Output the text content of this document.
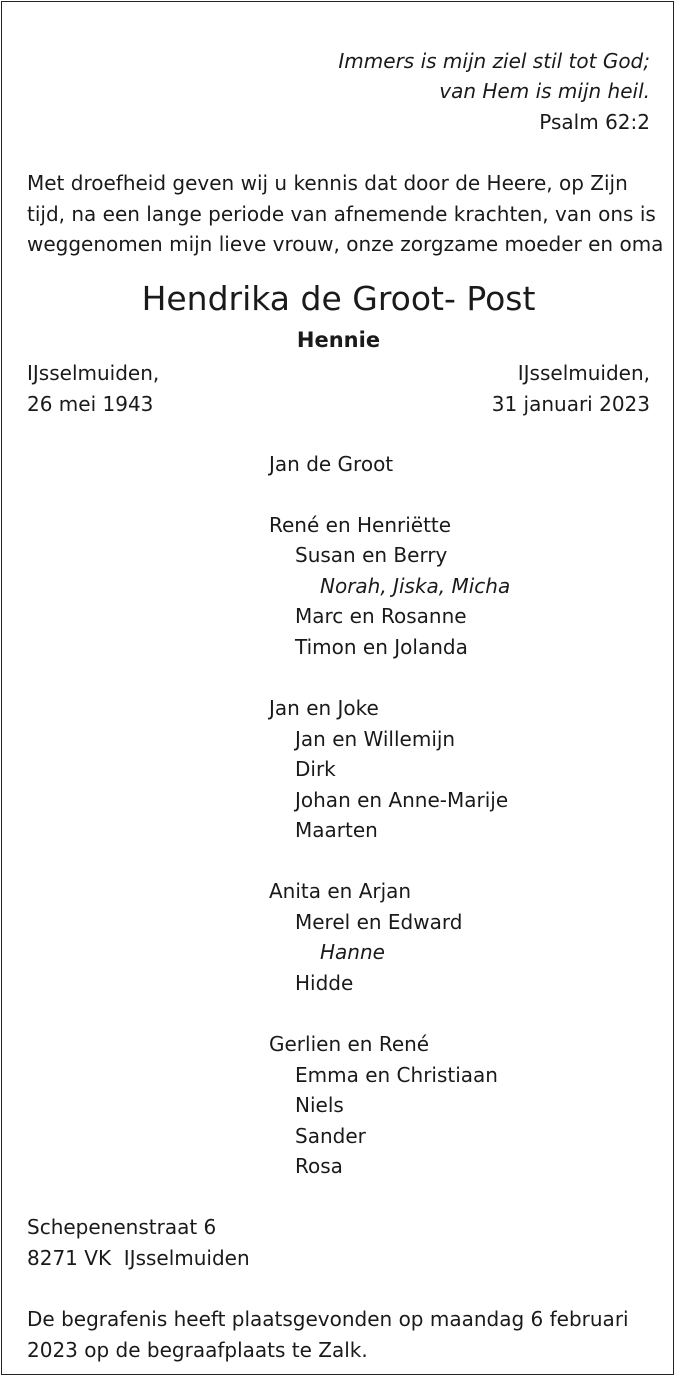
Immers is mijn ziel stil tot God;
van Hem is mijn heil.
Psalm 62:2
Met droefheid geven wij u kennis dat door de Heere, op Zijn
tijd, na een lange periode van afnemende krachten, van ons is
weggenomen mijn lieve vrouw, onze zorgzame moeder en oma
Hendrika de Groot- Post
Hennie
IJsselmuiden,
26 mei 1943
IJsselmuiden,
31 januari 2023
Jan de Groot
René en Henriëtte
Susan en Berry
Norah, Jiska, Micha
Marc en Rosanne
Timon en Jolanda
Jan en Joke
Jan en Willemijn
Dirk
Johan en Anne-Marije
Maarten
Anita en Arjan
Merel en Edward
Hanne
Hidde
Gerlien en René
Emma en Christiaan
Niels
Sander
Rosa
Schepenenstraat 6
8271 VK  IJsselmuiden
De begrafenis heeft plaatsgevonden op maandag 6 februari
2023 op de begraafplaats te Zalk.
